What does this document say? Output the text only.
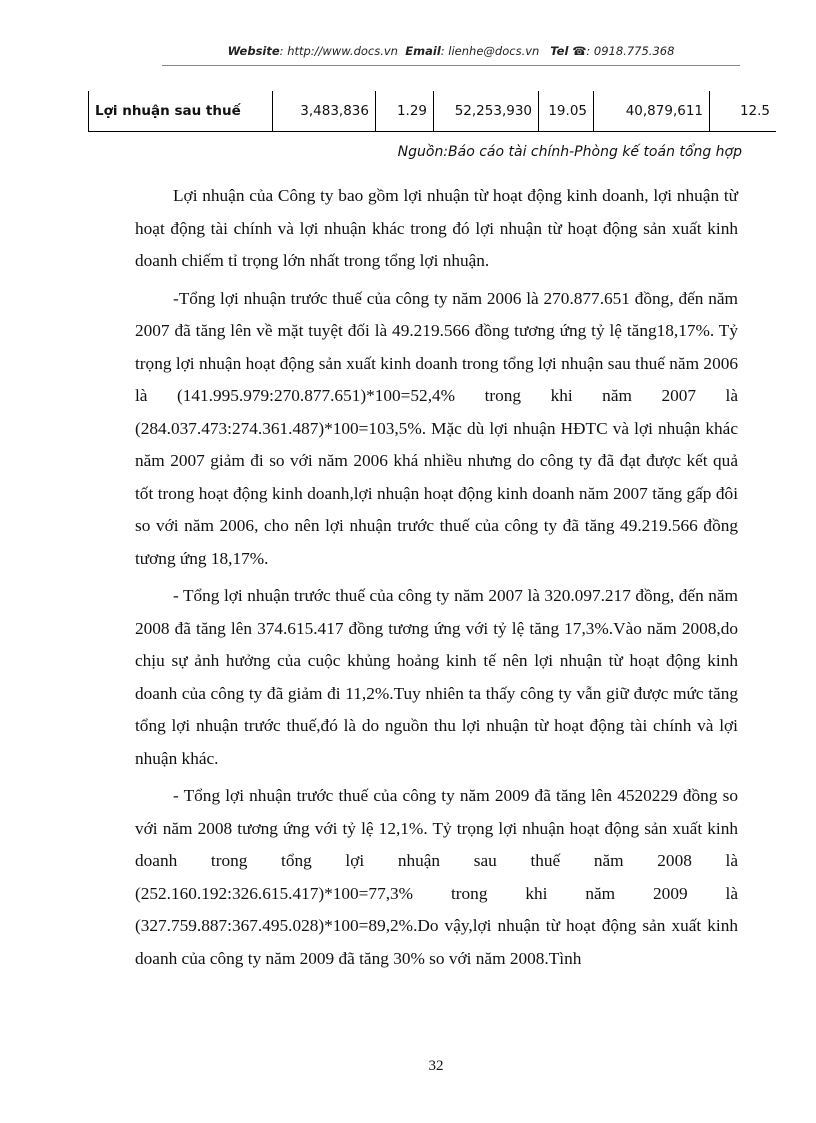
Website: http://www.docs.vn Email: lienhe@docs.vn Tel ☎: 0918.775.368
Lợi nhuận sau thuế	3,483,836	1.29	52,253,930	19.05	40,879,611	12.5
Nguồn:Báo cáo tài chính-Phòng kế toán tổng hợp

Lợi nhuận của Công ty bao gồm lợi nhuận từ hoạt động kinh doanh, lợi nhuận từ hoạt động tài chính và lợi nhuận khác trong đó lợi nhuận từ hoạt động sản xuất kinh doanh chiếm tỉ trọng lớn nhất trong tổng lợi nhuận.

-Tổng lợi nhuận trước thuế của công ty năm 2006 là 270.877.651 đồng, đến năm 2007 đã tăng lên về mặt tuyệt đối là 49.219.566 đồng tương ứng tỷ lệ tăng18,17%. Tỷ trọng lợi nhuận hoạt động sản xuất kinh doanh trong tổng lợi nhuận sau thuế năm 2006 là (141.995.979:270.877.651)*100=52,4% trong khi năm 2007 là (284.037.473:274.361.487)*100=103,5%. Mặc dù lợi nhuận HĐTC và lợi nhuận khác năm 2007 giảm đi so với năm 2006 khá nhiều nhưng do công ty đã đạt được kết quả tốt trong hoạt động kinh doanh,lợi nhuận hoạt động kinh doanh năm 2007 tăng gấp đôi so với năm 2006, cho nên lợi nhuận trước thuế của công ty đã tăng 49.219.566 đồng tương ứng 18,17%.

- Tổng lợi nhuận trước thuế của công ty năm 2007 là 320.097.217 đồng, đến năm 2008 đã tăng lên 374.615.417 đồng tương ứng với tỷ lệ tăng 17,3%.Vào năm 2008,do chịu sự ảnh hưởng của cuộc khủng hoảng kinh tế nên lợi nhuận từ hoạt động kinh doanh của công ty đã giảm đi 11,2%.Tuy nhiên ta thấy công ty vẫn giữ được mức tăng tổng lợi nhuận trước thuế,đó là do nguồn thu lợi nhuận từ hoạt động tài chính và lợi nhuận khác.

- Tổng lợi nhuận trước thuế của công ty năm 2009 đã tăng lên 4520229 đồng so với năm 2008 tương ứng với tỷ lệ 12,1%. Tỷ trọng lợi nhuận hoạt động sản xuất kinh doanh trong tổng lợi nhuận sau thuế năm 2008 là (252.160.192:326.615.417)*100=77,3% trong khi năm 2009 là (327.759.887:367.495.028)*100=89,2%.Do vậy,lợi nhuận từ hoạt động sản xuất kinh doanh của công ty năm 2009 đã tăng 30% so với năm 2008.Tình

32
